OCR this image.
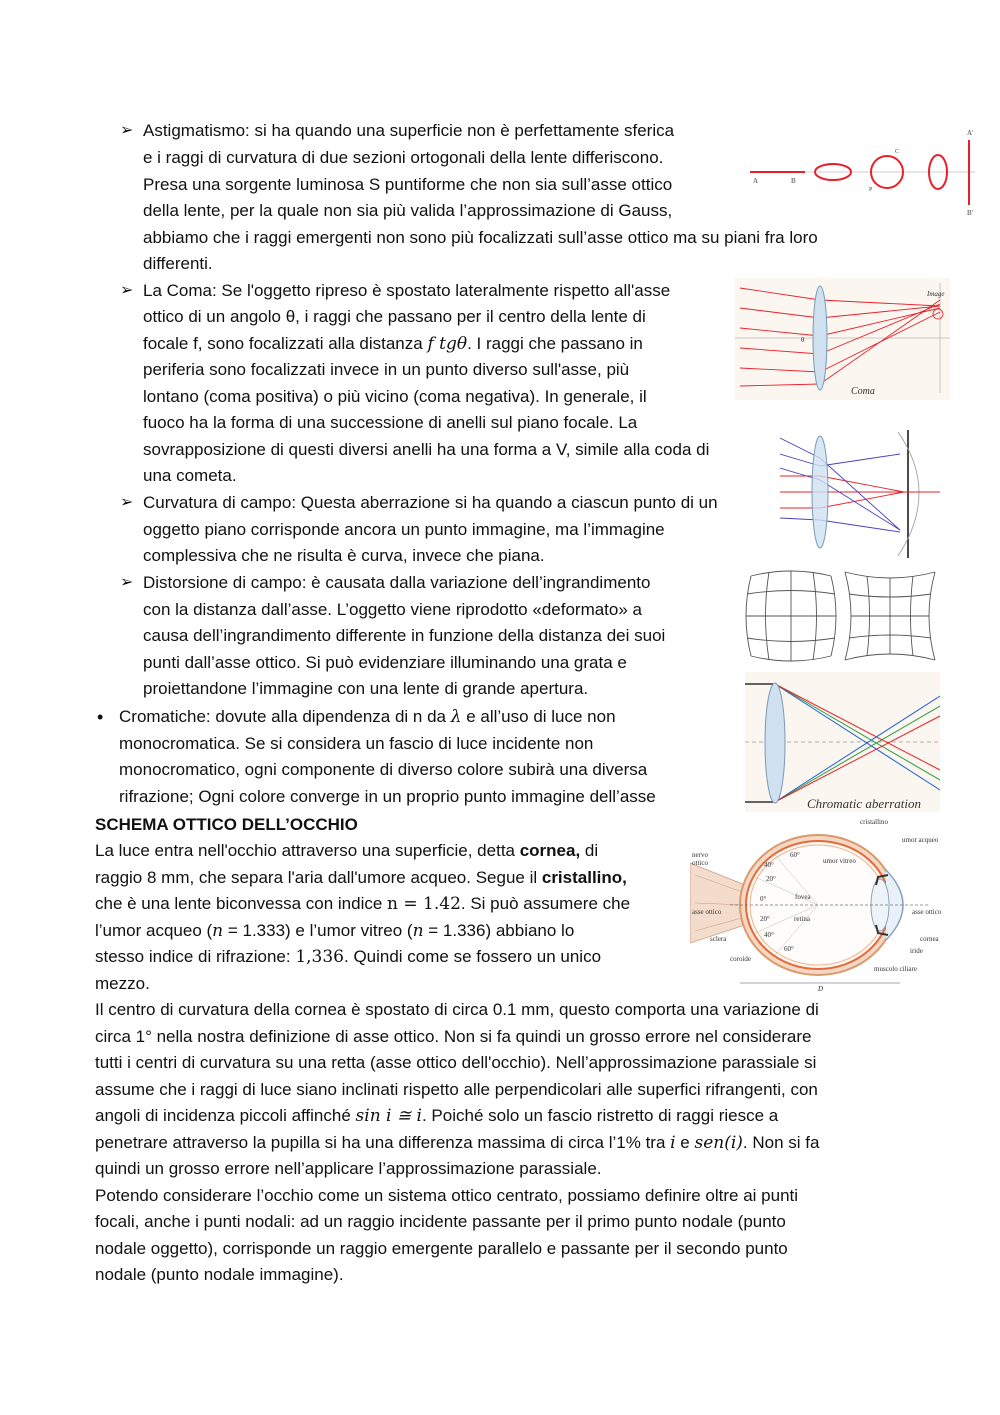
➢ Astigmatismo: si ha quando una superficie non è perfettamente sferica
e i raggi di curvatura di due sezioni ortogonali della lente differiscono.
Presa una sorgente luminosa S puntiforme che non sia sull’asse ottico
della lente, per la quale non sia più valida l’approssimazione di Gauss,
abbiamo che i raggi emergenti non sono più focalizzati sull’asse ottico ma su piani fra loro
differenti.
A'
B'
A	B
C
P
➢ La Coma: Se l'oggetto ripreso è spostato lateralmente rispetto all'asse
ottico di un angolo θ, i raggi che passano per il centro della lente di
focale f, sono focalizzati alla distanza f tgθ. I raggi che passano in
periferia sono focalizzati invece in un punto diverso sull'asse, più
lontano (coma positiva) o più vicino (coma negativa). In generale, il
fuoco ha la forma di una successione di anelli sul piano focale. La
sovrapposizione di questi diversi anelli ha una forma a V, simile alla coda di
una cometa.
θ
Image
Coma
➢ Curvatura di campo: Questa aberrazione si ha quando a ciascun punto di un
oggetto piano corrisponde ancora un punto immagine, ma l’immagine
complessiva che ne risulta è curva, invece che piana.
➢ Distorsione di campo: è causata dalla variazione dell’ingrandimento
con la distanza dall’asse. L’oggetto viene riprodotto «deformato» a
causa dell’ingrandimento differente in funzione della distanza dei suoi
punti dall’asse ottico. Si può evidenziare illuminando una grata e
proiettandone l’immagine con una lente di grande apertura.
• Cromatiche: dovute alla dipendenza di n da λ e all’uso di luce non
monocromatica. Se si considera un fascio di luce incidente non
monocromatico, ogni componente di diverso colore subirà una diversa
rifrazione; Ogni colore converge in un proprio punto immagine dell’asse	Chromatic aberration
SCHEMA OTTICO DELL’OCCHIO
La luce entra nell'occhio attraverso una superficie, detta cornea, di
raggio 8 mm, che separa l'aria dall'umore acqueo. Segue il cristallino,
che è una lente biconvessa con indice n = 1.42. Si può assumere che
l’umor acqueo (n = 1.333) e l’umor vitreo (n = 1.336) abbiano lo
stesso indice di rifrazione: 1,336. Quindi come se fossero un unico
mezzo.
Il centro di curvatura della cornea è spostato di circa 0.1 mm, questo comporta una variazione di
circa 1° nella nostra definizione di asse ottico. Non si fa quindi un grosso errore nel considerare
tutti i centri di curvatura su una retta (asse ottico dell'occhio). Nell’approssimazione parassiale si
assume che i raggi di luce siano inclinati rispetto alle perpendicolari alle superfici rifrangenti, con
angoli di incidenza piccoli affinché sin i ≅ i. Poiché solo un fascio ristretto di raggi riesce a
penetrare attraverso la pupilla si ha una differenza massima di circa l’1% tra i e sen(i). Non si fa
quindi un grosso errore nell’applicare l’approssimazione parassiale.
Potendo considerare l’occhio come un sistema ottico centrato, possiamo definire oltre ai punti
focali, anche i punti nodali: ad un raggio incidente passante per il primo punto nodale (punto
nodale oggetto), corrisponde un raggio emergente parallelo e passante per il secondo punto
nodale (punto nodale immagine).
cristallino
umor acqueo
nervo
ottico
60°
umor vitreo
40°
20°
fovea
0°
asse ottico	asse ottico
20°	retina
sclera	40°	cornea
60°	iride
coroide
muscolo ciliare
D
